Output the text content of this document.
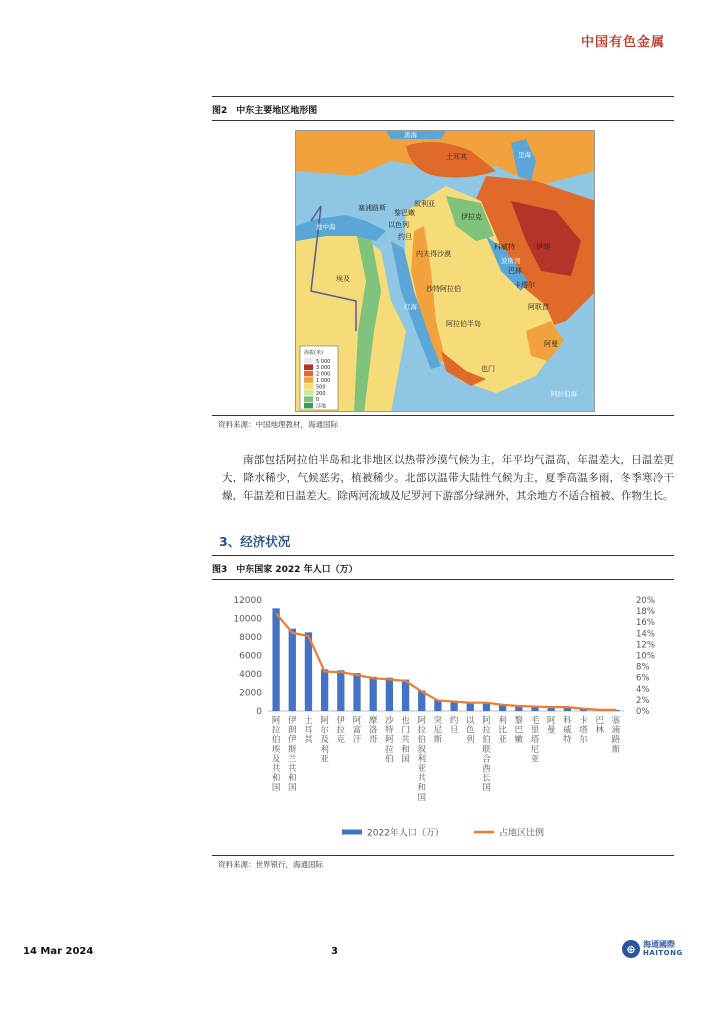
中国有色金属
图2　中东主要地区地形图
海拔(米)
5 000
3 000
2 000
1 000
500
200
0
洼地
土耳其
叙利亚
伊拉克
伊朗
埃及
以色列
约旦
黎巴嫩
塞浦路斯
科威特
巴林
卡塔尔
阿联酋
阿曼
也门
沙特阿拉伯
内夫得沙漠
阿拉伯半岛
地中海
红海
波斯湾
阿拉伯海
里海
黑海
资料来源：中国地理教材，海通国际
南部包括阿拉伯半岛和北非地区以热带沙漠气候为主，年平均气温高，年温差大，日温差更大，降水稀少，气候恶劣，植被稀少。北部以温带大陆性气候为主，夏季高温多雨，冬季寒冷干燥，年温差和日温差大。除两河流域及尼罗河下游部分绿洲外，其余地方不适合植被、作物生长。
3、经济状况
图3　中东国家 2022 年人口（万）
0
2000
4000
6000
8000
10000
12000
0%
2%
4%
6%
8%
10%
12%
14%
16%
18%
20%
阿
拉
伯
埃
及
共
和
国
伊
朗
伊
斯
兰
共
和
国
土
耳
其
阿
尔
及
利
亚
伊
拉
克
阿
富
汗
摩
洛
哥
沙
特
阿
拉
伯
也
门
共
和
国
阿
拉
伯
叙
利
亚
共
和
国
突
尼
斯
约
旦
以
色
列
阿
拉
伯
联
合
酋
长
国
利
比
亚
黎
巴
嫩
毛
里
塔
尼
亚
阿
曼
科
威
特
卡
塔
尔
巴
林
塞
浦
路
斯
2022年人口（万）	占地区比例
资料来源：世界银行，海通国际
14 Mar 2024	3	⊕ 海通國際
HAITONG
